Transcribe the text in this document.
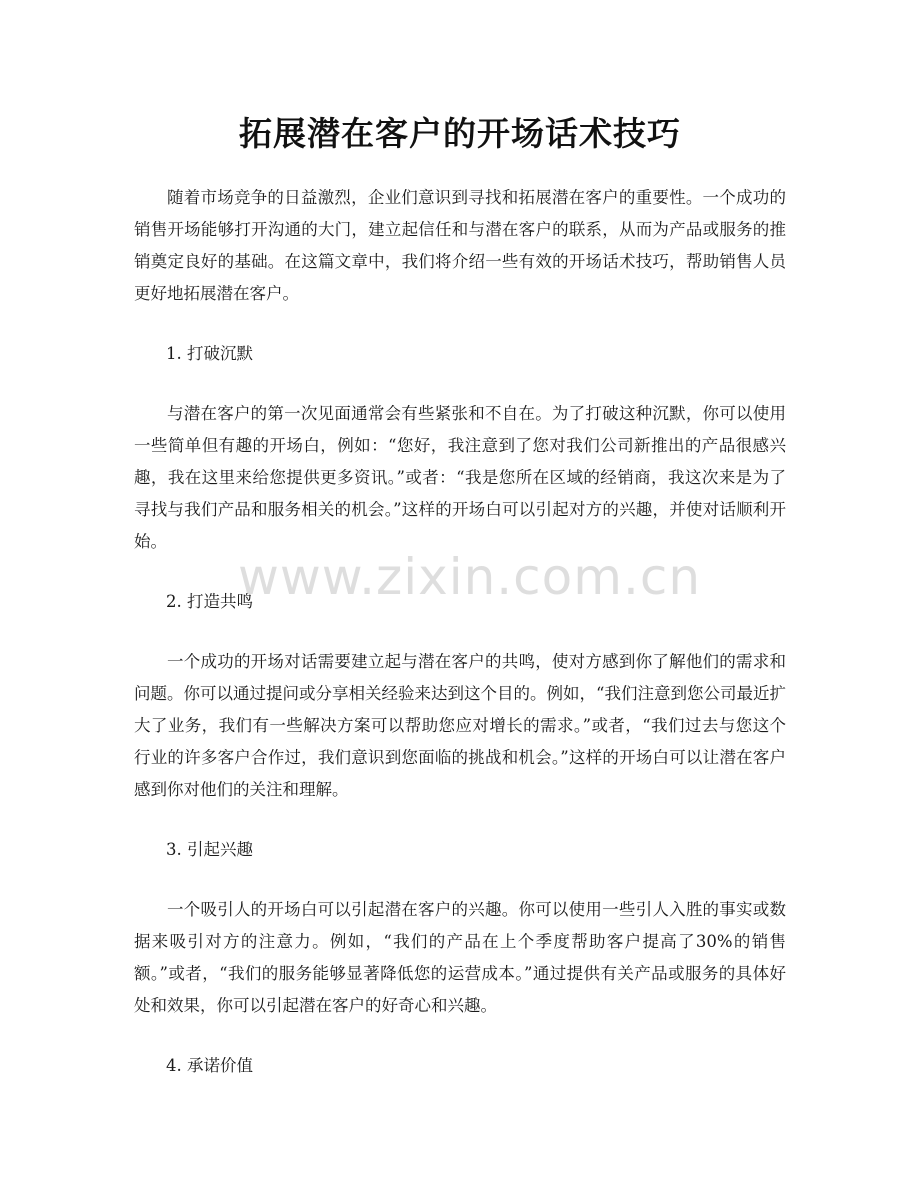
拓展潜在客户的开场话术技巧

随着市场竞争的日益激烈，企业们意识到寻找和拓展潜在客户的重要性。一个成功的销售开场能够打开沟通的大门，建立起信任和与潜在客户的联系，从而为产品或服务的推销奠定良好的基础。在这篇文章中，我们将介绍一些有效的开场话术技巧，帮助销售人员更好地拓展潜在客户。

1. 打破沉默

与潜在客户的第一次见面通常会有些紧张和不自在。为了打破这种沉默，你可以使用一些简单但有趣的开场白，例如：“您好，我注意到了您对我们公司新推出的产品很感兴趣，我在这里来给您提供更多资讯。”或者：“我是您所在区域的经销商，我这次来是为了寻找与我们产品和服务相关的机会。”这样的开场白可以引起对方的兴趣，并使对话顺利开始。

2. 打造共鸣

一个成功的开场对话需要建立起与潜在客户的共鸣，使对方感到你了解他们的需求和问题。你可以通过提问或分享相关经验来达到这个目的。例如，“我们注意到您公司最近扩大了业务，我们有一些解决方案可以帮助您应对增长的需求。”或者，“我们过去与您这个行业的许多客户合作过，我们意识到您面临的挑战和机会。”这样的开场白可以让潜在客户感到你对他们的关注和理解。

3. 引起兴趣

一个吸引人的开场白可以引起潜在客户的兴趣。你可以使用一些引人入胜的事实或数据来吸引对方的注意力。例如，“我们的产品在上个季度帮助客户提高了30%的销售额。”或者，“我们的服务能够显著降低您的运营成本。”通过提供有关产品或服务的具体好处和效果，你可以引起潜在客户的好奇心和兴趣。

4. 承诺价值

www.zixin.com.cn
